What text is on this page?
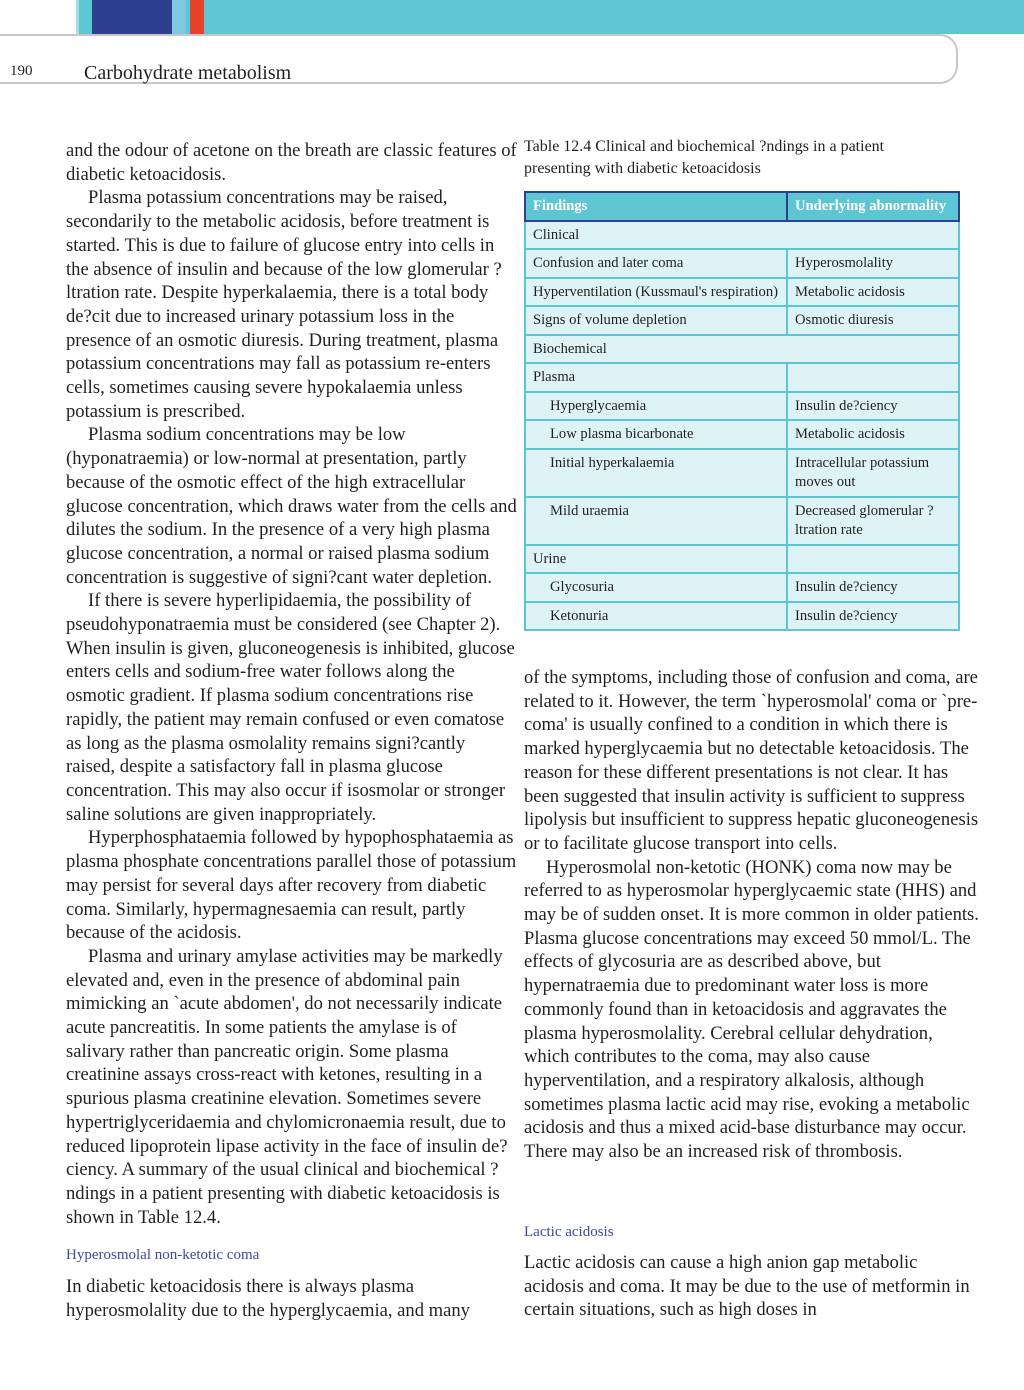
190	Carbohydrate metabolism

and the odour of acetone on the breath are classic features of diabetic ketoacidosis.

Plasma potassium concentrations may be raised, secondarily to the metabolic acidosis, before treatment is started. This is due to failure of glucose entry into cells in the absence of insulin and because of the low glomerular ?ltration rate. Despite hyperkalaemia, there is a total body de?cit due to increased urinary potassium loss in the presence of an osmotic diuresis. During treatment, plasma potassium concentrations may fall as potassium re-enters cells, sometimes causing severe hypokalaemia unless potassium is prescribed.

Plasma sodium concentrations may be low (hyponatraemia) or low-normal at presentation, partly because of the osmotic effect of the high extracellular glucose concentration, which draws water from the cells and dilutes the sodium. In the presence of a very high plasma glucose concentration, a normal or raised plasma sodium concentration is suggestive of signi?cant water depletion.

If there is severe hyperlipidaemia, the possibility of pseudohyponatraemia must be considered (see Chapter 2). When insulin is given, gluconeogenesis is inhibited, glucose enters cells and sodium-free water follows along the osmotic gradient. If plasma sodium concentrations rise rapidly, the patient may remain confused or even comatose as long as the plasma osmolality remains signi?cantly raised, despite a satisfactory fall in plasma glucose concentration. This may also occur if isosmolar or stronger saline solutions are given inappropriately.

Hyperphosphataemia followed by hypophosphataemia as plasma phosphate concentrations parallel those of potassium may persist for several days after recovery from diabetic coma. Similarly, hypermagnesaemia can result, partly because of the acidosis.

Plasma and urinary amylase activities may be markedly elevated and, even in the presence of abdominal pain mimicking an `acute abdomen', do not necessarily indicate acute pancreatitis. In some patients the amylase is of salivary rather than pancreatic origin. Some plasma creatinine assays cross-react with ketones, resulting in a spurious plasma creatinine elevation. Sometimes severe hypertriglyceridaemia and chylomicronaemia result, due to reduced lipoprotein lipase activity in the face of insulin de?ciency. A summary of the usual clinical and biochemical ?ndings in a patient presenting with diabetic ketoacidosis is shown in Table 12.4.

Hyperosmolal non-ketotic coma

In diabetic ketoacidosis there is always plasma hyperosmolality due to the hyperglycaemia, and many

Table 12.4 Clinical and biochemical ?ndings in a patient presenting with diabetic ketoacidosis
Findings	Underlying abnormality
Clinical	
Confusion and later coma	Hyperosmolality
Hyperventilation (Kussmaul's respiration)	Metabolic acidosis
Signs of volume depletion	Osmotic diuresis
Biochemical	
Plasma	
Hyperglycaemia	Insulin de?ciency
Low plasma bicarbonate	Metabolic acidosis
Initial hyperkalaemia	Intracellular potassium moves out
Mild uraemia	Decreased glomerular ?ltration rate
Urine	
Glycosuria	Insulin de?ciency
Ketonuria	Insulin de?ciency

of the symptoms, including those of confusion and coma, are related to it. However, the term `hyperosmolal' coma or `pre-coma' is usually confined to a condition in which there is marked hyperglycaemia but no detectable ketoacidosis. The reason for these different presentations is not clear. It has been suggested that insulin activity is sufficient to suppress lipolysis but insufficient to suppress hepatic gluconeogenesis or to facilitate glucose transport into cells.

Hyperosmolal non-ketotic (HONK) coma now may be referred to as hyperosmolar hyperglycaemic state (HHS) and may be of sudden onset. It is more common in older patients. Plasma glucose concentrations may exceed 50 mmol/L. The effects of glycosuria are as described above, but hypernatraemia due to predominant water loss is more commonly found than in ketoacidosis and aggravates the plasma hyperosmolality. Cerebral cellular dehydration, which contributes to the coma, may also cause hyperventilation, and a respiratory alkalosis, although sometimes plasma lactic acid may rise, evoking a metabolic acidosis and thus a mixed acid-base disturbance may occur. There may also be an increased risk of thrombosis.

Lactic acidosis

Lactic acidosis can cause a high anion gap metabolic acidosis and coma. It may be due to the use of metformin in certain situations, such as high doses in
